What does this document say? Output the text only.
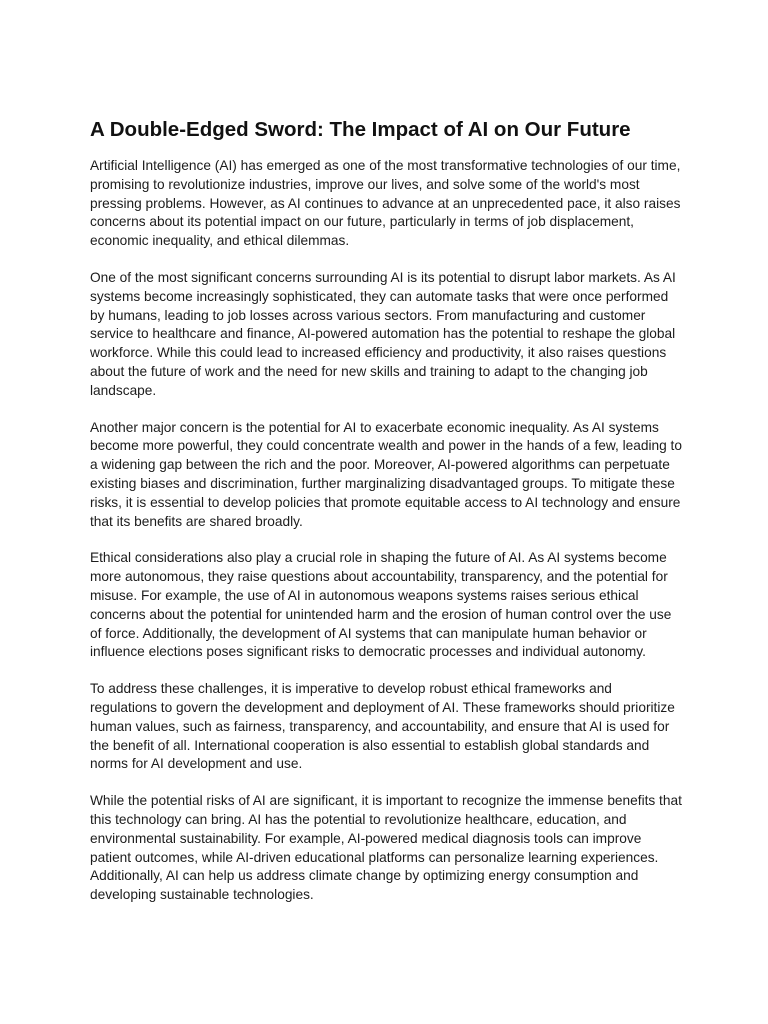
A Double-Edged Sword: The Impact of AI on Our Future

Artificial Intelligence (AI) has emerged as one of the most transformative technologies of our time, promising to revolutionize industries, improve our lives, and solve some of the world's most pressing problems. However, as AI continues to advance at an unprecedented pace, it also raises concerns about its potential impact on our future, particularly in terms of job displacement, economic inequality, and ethical dilemmas.

One of the most significant concerns surrounding AI is its potential to disrupt labor markets. As AI systems become increasingly sophisticated, they can automate tasks that were once performed by humans, leading to job losses across various sectors. From manufacturing and customer service to healthcare and finance, AI-powered automation has the potential to reshape the global workforce. While this could lead to increased efficiency and productivity, it also raises questions about the future of work and the need for new skills and training to adapt to the changing job landscape.

Another major concern is the potential for AI to exacerbate economic inequality. As AI systems become more powerful, they could concentrate wealth and power in the hands of a few, leading to a widening gap between the rich and the poor. Moreover, AI-powered algorithms can perpetuate existing biases and discrimination, further marginalizing disadvantaged groups. To mitigate these risks, it is essential to develop policies that promote equitable access to AI technology and ensure that its benefits are shared broadly.

Ethical considerations also play a crucial role in shaping the future of AI. As AI systems become more autonomous, they raise questions about accountability, transparency, and the potential for misuse. For example, the use of AI in autonomous weapons systems raises serious ethical concerns about the potential for unintended harm and the erosion of human control over the use of force. Additionally, the development of AI systems that can manipulate human behavior or influence elections poses significant risks to democratic processes and individual autonomy.

To address these challenges, it is imperative to develop robust ethical frameworks and regulations to govern the development and deployment of AI. These frameworks should prioritize human values, such as fairness, transparency, and accountability, and ensure that AI is used for the benefit of all. International cooperation is also essential to establish global standards and norms for AI development and use.

While the potential risks of AI are significant, it is important to recognize the immense benefits that this technology can bring. AI has the potential to revolutionize healthcare, education, and environmental sustainability. For example, AI-powered medical diagnosis tools can improve patient outcomes, while AI-driven educational platforms can personalize learning experiences. Additionally, AI can help us address climate change by optimizing energy consumption and developing sustainable technologies.
